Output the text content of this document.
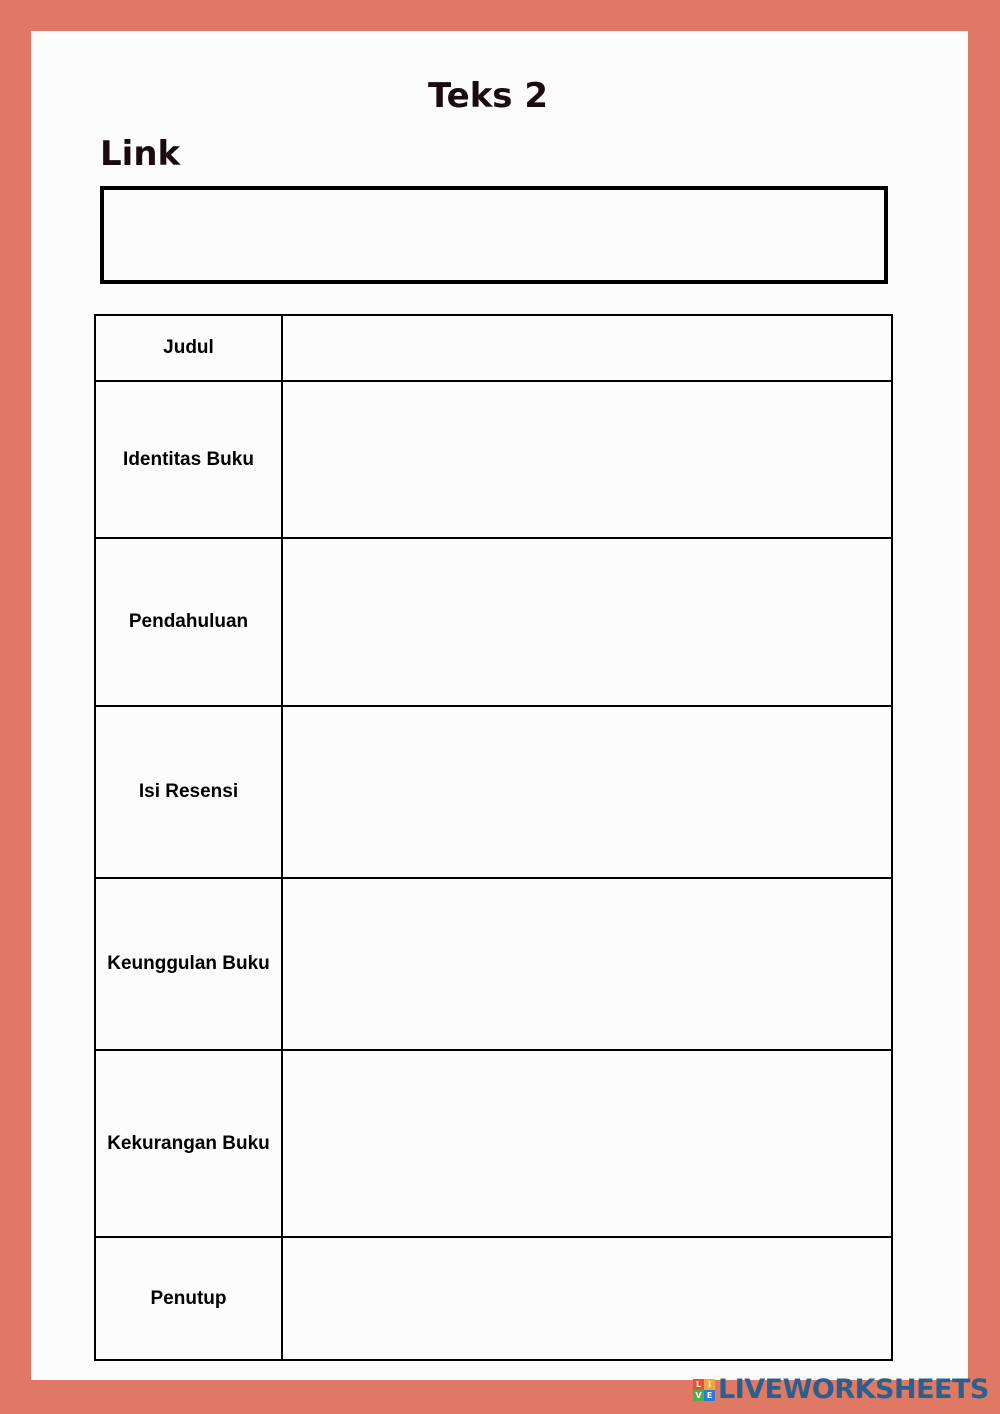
Teks 2
Link
Judul	
Identitas Buku	
Pendahuluan	
Isi Resensi	
Keunggulan Buku	
Kekurangan Buku	
Penutup	
L I
V E LIVEWORKSHEETS
